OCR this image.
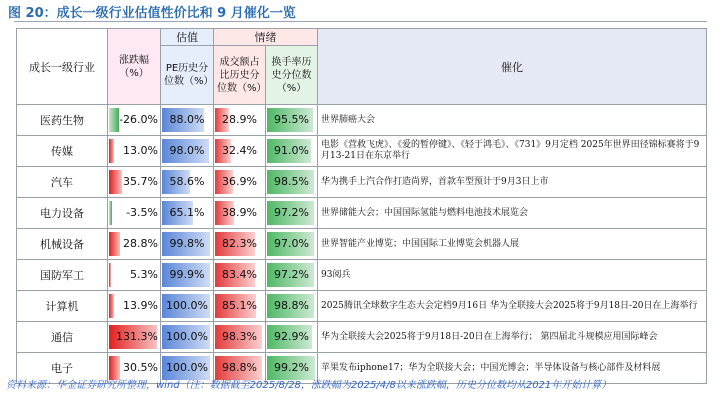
图 20：成长一级行业估值性价比和 9 月催化一览
成长一级行业	涨跌幅（%）	估值	情绪		催化
		PE历史分位数（%）	成交额占比历史分位数（%）	换手率历史分位数（%）	
医药生物	-26.0%	88.0%	28.9%	95.5%	世界肺癌大会
传媒	13.0%	98.0%	32.4%	91.0%	电影《营救飞虎》、《爱的暂停键》、《轻于鸿毛》、《731》9月定档 2025年世界田径锦标赛将于9月13-21日在东京举行
汽车	35.7%	58.6%	36.9%	98.5%	华为携手上汽合作打造尚界，首款车型预计于9月3日上市
电力设备	-3.5%	65.1%	38.9%	97.2%	世界储能大会；中国国际氢能与燃料电池技术展览会
机械设备	28.8%	99.8%	82.3%	97.0%	世界智能产业博览；中国国际工业博览会机器人展
国防军工	5.3%	99.9%	83.4%	97.2%	93阅兵
计算机	13.9%	100.0%	85.1%	98.8%	2025腾讯全球数字生态大会定档9月16日 华为全联接大会2025将于9月18日-20日在上海举行
通信	131.3%	100.0%	98.3%	92.9%	华为全联接大会2025将于9月18日-20日在上海举行； 第四届北斗规模应用国际峰会
电子	30.5%	100.0%	98.8%	99.2%	苹果发布iphone17；华为全联接大会；中国光博会；半导体设备与核心部件及材料展
资料来源：华金证券研究所整理，wind（注：数据截至2025/8/28，涨跌幅为2025/4/8以来涨跌幅，历史分位数均从2021年开始计算）
